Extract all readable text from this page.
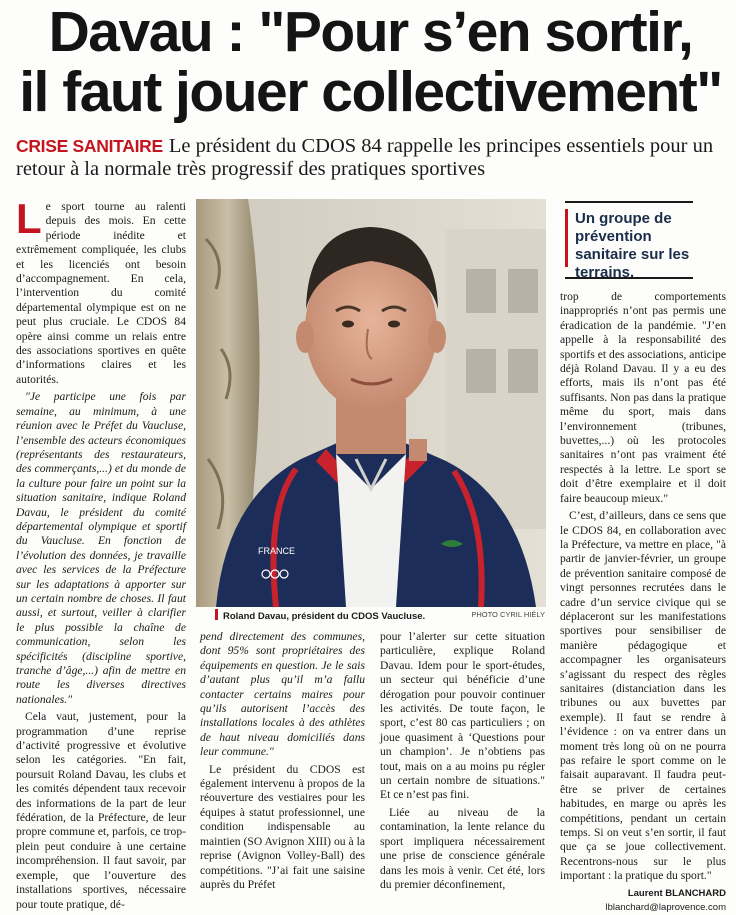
Davau : "Pour s’en sortir,
il faut jouer collectivement"

CRISE SANITAIRE Le président du CDOS 84 rappelle les principes essentiels pour un retour à la normale très progressif des pratiques sportives

Le sport tourne au ralenti depuis des mois. En cette période inédite et extrêmement compliquée, les clubs et les licenciés ont besoin d’accompagnement. En cela, l’intervention du comité départemental olympique est on ne peut plus cruciale. Le CDOS 84 opère ainsi comme un relais entre des associations sportives en quête d’informations claires et les autorités.

"Je participe une fois par semaine, au minimum, à une réunion avec le Préfet du Vaucluse, l’ensemble des acteurs économiques (représentants des restaurateurs, des commerçants,...) et du monde de la culture pour faire un point sur la situation sanitaire, indique Roland Davau, le président du comité départemental olympique et sportif du Vaucluse. En fonction de l’évolution des données, je travaille avec les services de la Préfecture sur les adaptations à apporter sur un certain nombre de choses. Il faut aussi, et surtout, veiller à clarifier le plus possible la chaîne de communication, selon les spécificités (discipline sportive, tranche d’âge,...) afin de mettre en route les diverses directives nationales."

Cela vaut, justement, pour la programmation d’une reprise d’activité progressive et évolutive selon les catégories. "En fait, poursuit Roland Davau, les clubs et les comités dépendent taux recevoir des informations de la part de leur fédération, de la Préfecture, de leur propre commune et, parfois, ce trop-plein peut conduire à une certaine incompréhension. Il faut savoir, par exemple, que l’ouverture des installations sportives, nécessaire pour toute pratique, dé-

FRANCE
Roland Davau, président du CDOS Vaucluse.	PHOTO CYRIL HIÉLY
Un groupe de prévention sanitaire sur les terrains.

pend directement des communes, dont 95% sont propriétaires des équipements en question. Je le sais d’autant plus qu’il m’a fallu contacter certains maires pour qu’ils autorisent l’accès des installations locales à des athlètes de haut niveau domiciliés dans leur commune."

Le président du CDOS est également intervenu à propos de la réouverture des vestiaires pour les équipes à statut professionnel, une condition indispensable au maintien (SO Avignon XIII) ou à la reprise (Avignon Volley-Ball) des compétitions. "J’ai fait une saisine auprès du Préfet

pour l’alerter sur cette situation particulière, explique Roland Davau. Idem pour le sport-études, un secteur qui bénéficie d’une dérogation pour pouvoir continuer les activités. De toute façon, le sport, c’est 80 cas particuliers ; on joue quasiment à ‘Questions pour un champion’. Je n’obtiens pas tout, mais on a au moins pu régler un certain nombre de situations." Et ce n’est pas fini.

Liée au niveau de la contamination, la lente relance du sport impliquera nécessairement une prise de conscience générale dans les mois à venir. Cet été, lors du premier déconfinement,

trop de comportements inappropriés n’ont pas permis une éradication de la pandémie. "J’en appelle à la responsabilité des sportifs et des associations, anticipe déjà Roland Davau. Il y a eu des efforts, mais ils n’ont pas été suffisants. Non pas dans la pratique même du sport, mais dans l’environnement (tribunes, buvettes,...) où les protocoles sanitaires n’ont pas vraiment été respectés à la lettre. Le sport se doit d’être exemplaire et il doit faire beaucoup mieux."

C’est, d’ailleurs, dans ce sens que le CDOS 84, en collaboration avec la Préfecture, va mettre en place, "à partir de janvier-février, un groupe de prévention sanitaire composé de vingt personnes recrutées dans le cadre d’un service civique qui se déplaceront sur les manifestations sportives pour sensibiliser de manière pédagogique et accompagner les organisateurs s’agissant du respect des règles sanitaires (distanciation dans les tribunes ou aux buvettes par exemple). Il faut se rendre à l’évidence : on va entrer dans un moment très long où on ne pourra pas refaire le sport comme on le faisait auparavant. Il faudra peut-être se priver de certaines habitudes, en marge ou après les compétitions, pendant un certain temps. Si on veut s’en sortir, il faut que ça se joue collectivement. Recentrons-nous sur le plus important : la pratique du sport."

Laurent BLANCHARD

lblanchard@laprovence.com
